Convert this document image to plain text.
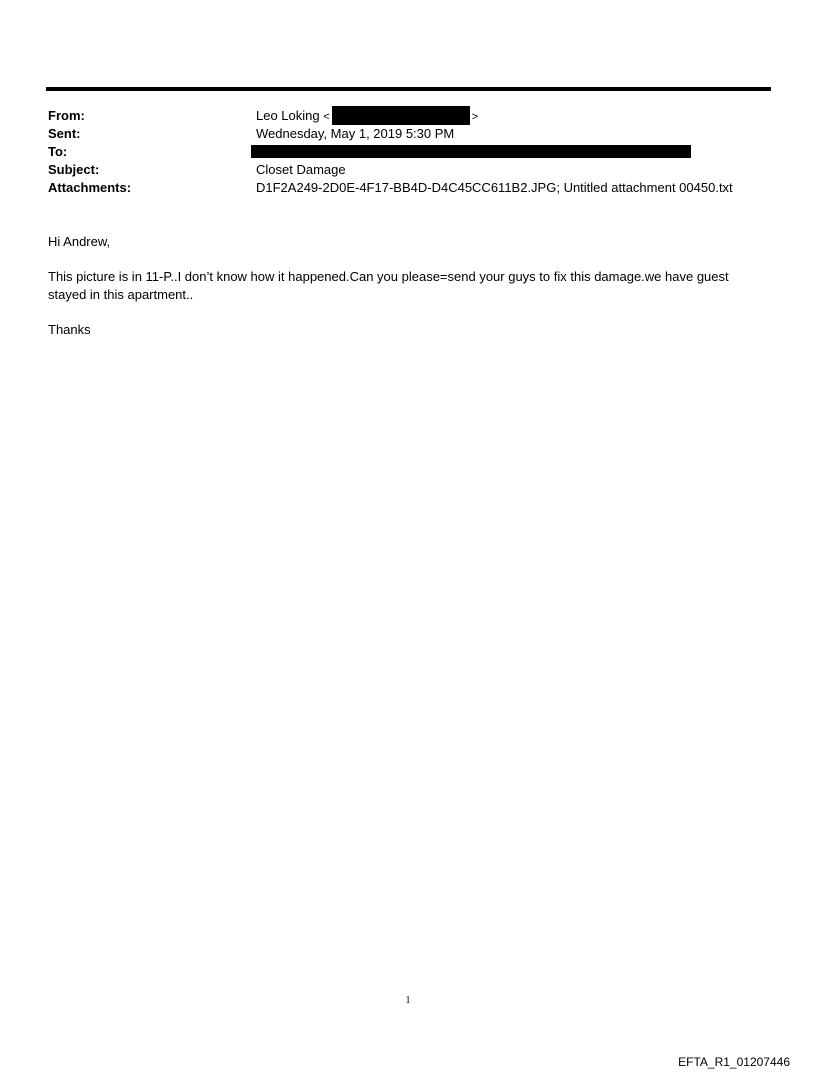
From:	Leo Loking <	>
Sent:	Wednesday, May 1, 2019 5:30 PM
To:
Subject:	Closet Damage
Attachments:	D1F2A249-2D0E-4F17-BB4D-D4C45CC611B2.JPG; Untitled attachment 00450.txt

Hi Andrew,

This picture is in 11-P..I don’t know how it happened.Can you please=send your guys to fix this damage.we have guest stayed in this apartment..

Thanks

1
EFTA_R1_01207446
